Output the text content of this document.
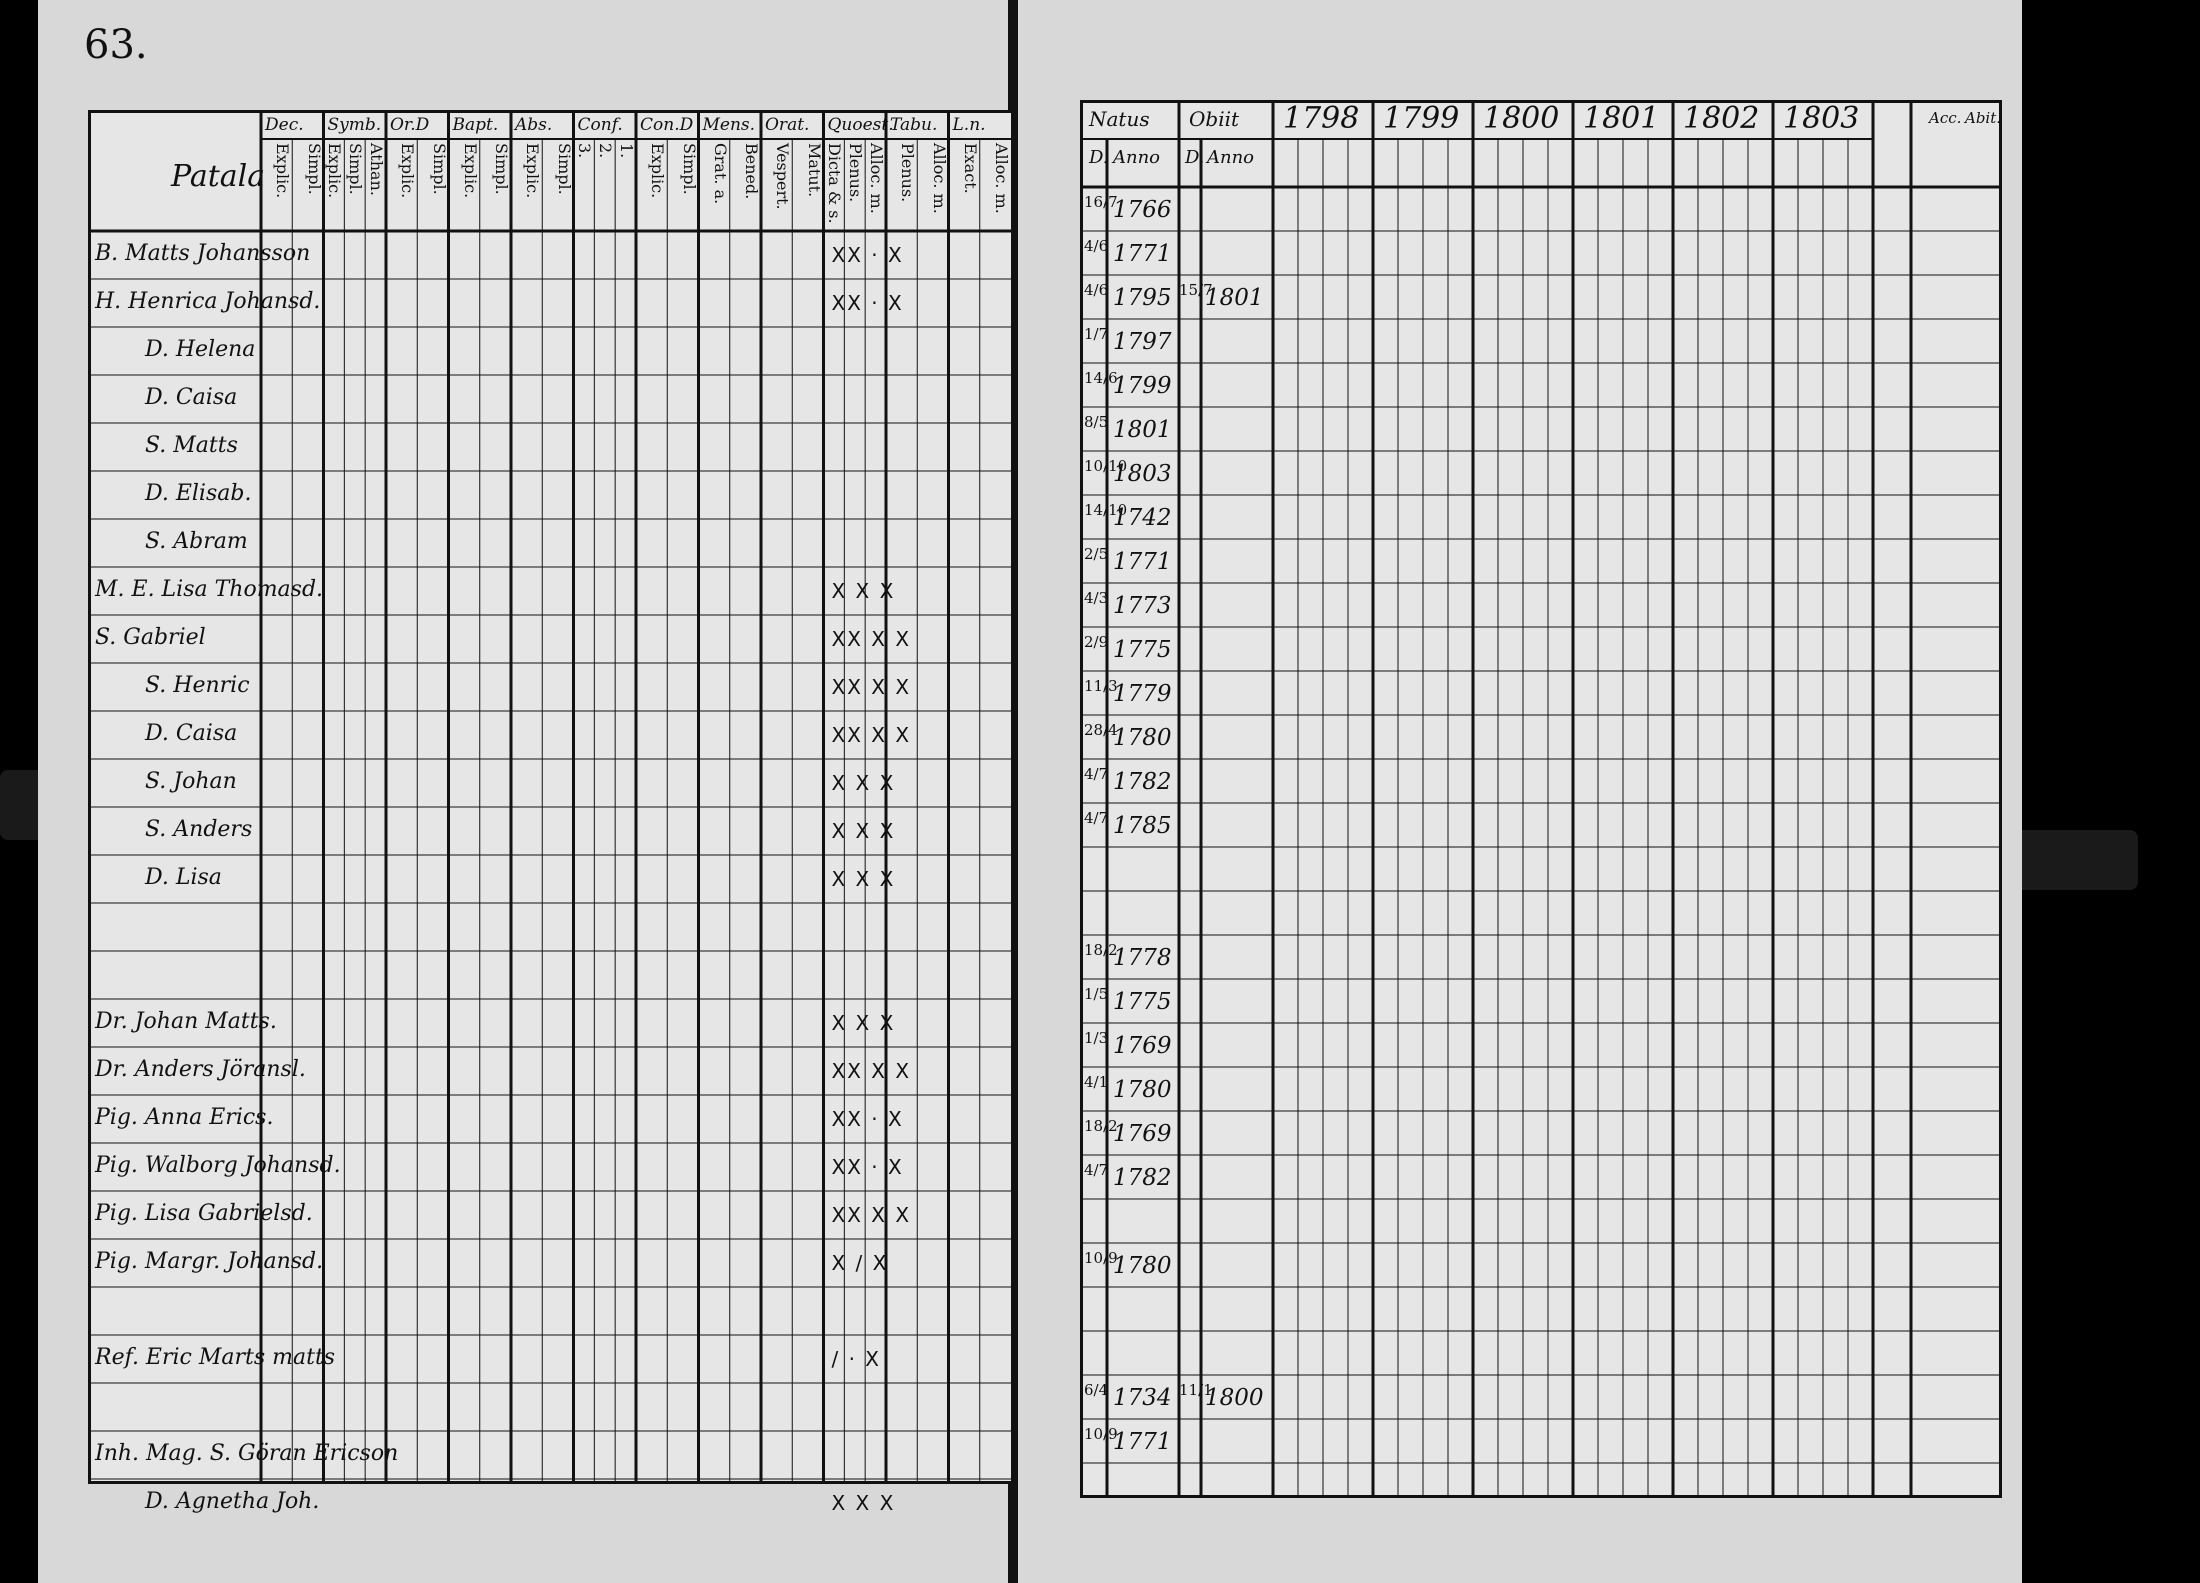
63.
Patala
Dec.
Explic. Simpl.
Symb.
Explic. Simpl. Athan.
Or.D
Explic. Simpl.
Bapt.
Explic. Simpl.
Abs.
Explic. Simpl.
Conf.
3. 2. 1.
Con.D
Explic. Simpl.
Mens.
Grat. a. Bened.
Orat.
Vespert. Matut.
Quoest.
Dicta & s. Plenus. Alloc. m.
Tabu.
Plenus. Alloc. m.
L.n.
Exact. Alloc. m.
B. Matts Johansson
H. Henrica Johansd.
D. Helena
D. Caisa
S. Matts
D. Elisab.
S. Abram
M. E. Lisa Thomasd.
S. Gabriel
S. Henric
D. Caisa
S. Johan
S. Anders
D. Lisa
Dr. Johan Matts.
Dr. Anders Jöransl.
Pig. Anna Erics.
Pig. Walborg Johansd.
Pig. Lisa Gabrielsd.
Pig. Margr. Johansd.
Ref. Eric Marts matts
Inh. Mag. S. Göran Ericson
D. Agnetha Joh.
XX · X
XX · X
X X X
XX X X
XX X X
XX X X
X X X
X X X
X X X
X X X
XX X X
XX · X
XX · X
XX X X
X / X
/ · X
X X X
Natus Obiit
D. Anno D. Anno
1798 1799 1800 1801 1802 1803	Acc. Abit.
16/7
1766
4/6 1771
4/6 1795 15/7
1801
1/7 1797
14/6
1799
8/5 1801
10/10
1803
14/10
1742
2/5 1771
4/3 1773
2/9 1775
11/3
1779
28/4
1780
4/7 1782
4/7 1785
18/2
1778
1/5 1775
1/3 1769
4/1 1780
18/2
1769
4/7 1782
10/9
1780
6/4 1734 11/1
1800
10/9
1771
